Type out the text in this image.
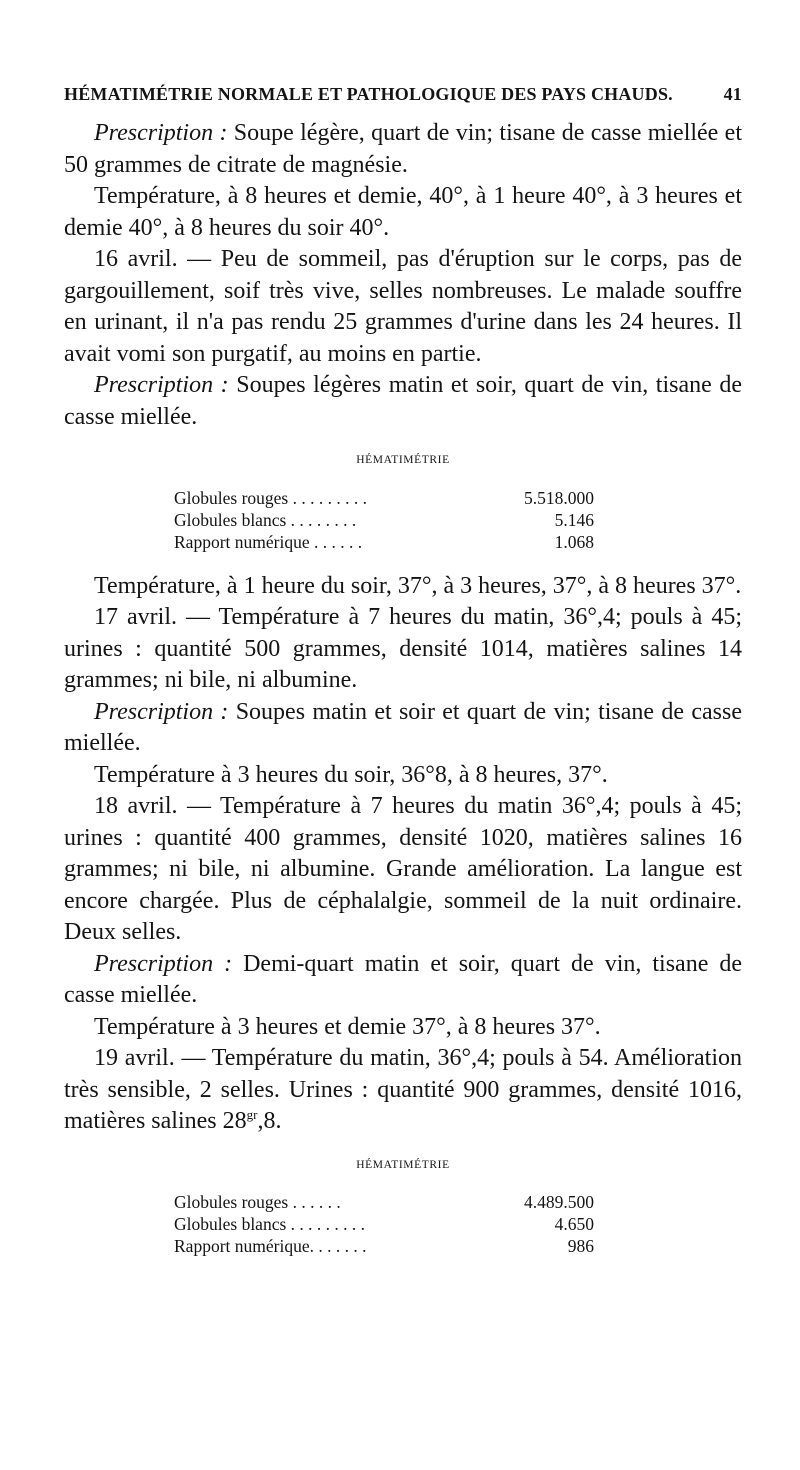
HÉMATIMÉTRIE NORMALE ET PATHOLOGIQUE DES PAYS CHAUDS.	41

Prescription : Soupe légère, quart de vin; tisane de casse miellée et 50 grammes de citrate de magnésie.

Température, à 8 heures et demie, 40°, à 1 heure 40°, à 3 heures et demie 40°, à 8 heures du soir 40°.

16 avril. — Peu de sommeil, pas d'éruption sur le corps, pas de gargouillement, soif très vive, selles nombreuses. Le malade souffre en urinant, il n'a pas rendu 25 grammes d'urine dans les 24 heures. Il avait vomi son purgatif, au moins en partie.

Prescription : Soupes légères matin et soir, quart de vin, tisane de casse miellée.

HÉMATIMÉTRIE
Globules rouges . . . . . . . . .	5.518.000
Globules blancs . . . . . . . .	5.146
Rapport numérique . . . . . .	1.068

Température, à 1 heure du soir, 37°, à 3 heures, 37°, à 8 heures 37°.

17 avril. — Température à 7 heures du matin, 36°,4; pouls à 45; urines : quantité 500 grammes, densité 1014, matières salines 14 grammes; ni bile, ni albumine.

Prescription : Soupes matin et soir et quart de vin; tisane de casse miellée.

Température à 3 heures du soir, 36°8, à 8 heures, 37°.

18 avril. — Température à 7 heures du matin 36°,4; pouls à 45; urines : quantité 400 grammes, densité 1020, matières salines 16 grammes; ni bile, ni albumine. Grande amélioration. La langue est encore chargée. Plus de céphalalgie, sommeil de la nuit ordinaire. Deux selles.

Prescription : Demi-quart matin et soir, quart de vin, tisane de casse miellée.

Température à 3 heures et demie 37°, à 8 heures 37°.

19 avril. — Température du matin, 36°,4; pouls à 54. Amélioration très sensible, 2 selles. Urines : quantité 900 grammes, densité 1016, matières salines $28^{gr},8$.

HÉMATIMÉTRIE
Globules rouges . . . . . .	4.489.500
Globules blancs . . . . . . . . .	4.650
Rapport numérique. . . . . . .	986
